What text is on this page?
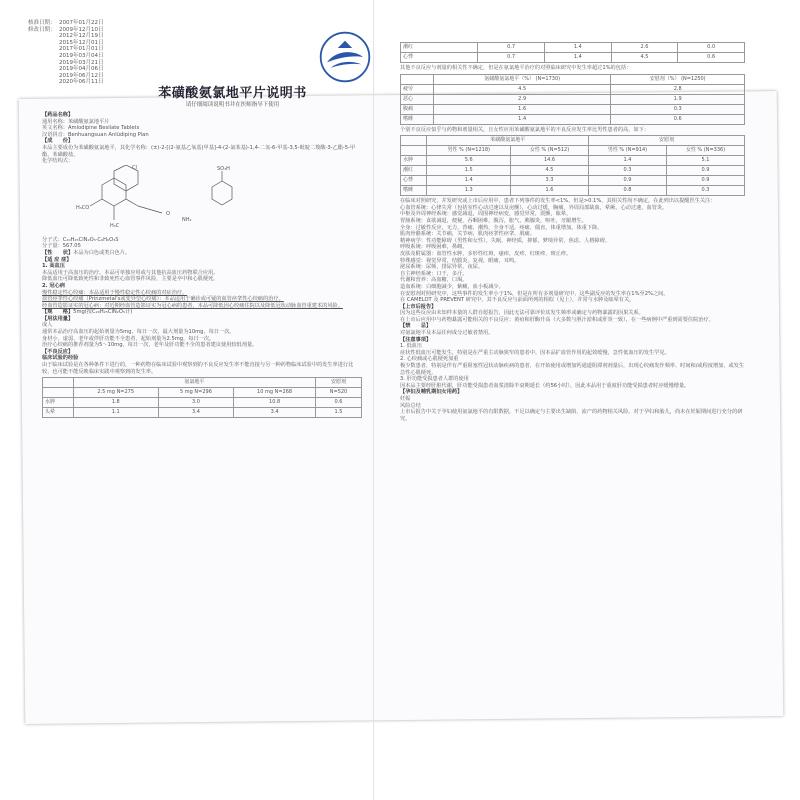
核准日期： 2007年01月22日
修改日期： 2009年12月10日
2012年12月19日
2015年12月01日
2017年01月01日
2019年03月04日
2019年03月21日
2019年04月06日
2019年06月12日
2020年06月11日
苯磺酸氨氯地平片说明书
请仔细阅读说明书并在医师指导下使用

【药品名称】

通用名称：苯磺酸氨氯地平片

英文名称：Amlodipine Besilate Tablets

汉语拼音：Benhuangsuan Anlüdiping Pian

【成　　份】

本品主要成份为苯磺酸氨氯地平，其化学名称：(±)-2-[(2-氨基乙氧基)甲基]-4-(2-氯苯基)-1,4-二氢-6-甲基-3,5-吡啶二羧酸-3-乙酯-5-甲酯，苯磺酸盐。

化学结构式：

H₃CO
H₃C
O
Cl	SO₃H
NH₂

分子式：C₂₀H₂₅ClN₂O₅·C₆H₆O₃S

分子量：567.05

【性　　状】本品为白色或类白色片。

【适 应 症】

1. 高血压

本品适用于高血压的治疗。本品可单独应用或与其他抗高血压药物联合应用。

降低血压可降低致死性和非致死性心血管事件风险，主要是卒中和心肌梗死。

2. 冠心病

慢性稳定性心绞痛：本品适用于慢性稳定性心绞痛的对症治疗。

血管痉挛性心绞痛（Prinzmetal's或变异型心绞痛）：本品适用于确诊或可疑的血管痉挛性心绞痛的治疗。

经血管造影证实的冠心病：对近期经血管造影证实为冠心病的患者，本品可降低因心绞痛住院以及降低冠状动脉血管重建术的风险。

【规　　格】5mg(按C₂₀H₂₅ClN₂O₅计)

【用法用量】

成人

通常本品治疗高血压的起始剂量为5mg，每日一次，最大剂量为10mg，每日一次。

身材小、虚弱、老年或伴肝功能不全患者，起始剂量为2.5mg，每日一次。

治疗心绞痛的推荐剂量为5～10mg，每日一次，老年及肝功能不全的患者建议使用较低剂量。

【不良反应】

临床试验的经验

由于临床试验是在各种条件下进行的，一种药物在临床试验中观察到的不良反应发生率不能直接与另一种药物临床试验中的发生率进行比较，也可能不能反映临床实践中观察到的发生率。

	氨氯地平			安慰剂
	2.5 mg N=275	5 mg N=296	10 mg N=268	N=520
水肿	1.8	3.0	10.8	0.6
头晕	1.1	3.4	3.4	1.5
潮红	0.7	1.4	2.6	0.0
心悸	0.7	1.4	4.5	0.6

其他不良反应与剂量的相关性不确定，但是在氨氯地平治疗的对照临床研究中发生率超过1%的包括：

	氨磺酸氨氯地平（%） (N=1730)	安慰剂（%） (N=1250)
疲劳	4.5	2.8
恶心	2.9	1.9
腹痛	1.6	0.3
嗜睡	1.4	0.6

个别不良反应似乎与药物和剂量相关，且女性应用苯磺酸氨氯地平的不良反应发生率比男性患者的高，如下：

	苯磺酸氨氯地平		安慰剂	
	男性 % (N=1218)	女性 % (N=512)	男性 % (N=914)	女性 % (N=336)
水肿	5.6	14.6	1.4	5.1
潮红	1.5	4.5	0.3	0.9
心悸	1.4	3.3	0.9	0.9
嗜睡	1.3	1.6	0.8	0.3

在临床对照研究，并发研究或上市后应用中，患者下列事件的发生率<1%，但是>0.1%，其相关性尚不确定，在此列出以提醒医生关注：

心血管系统：心律失常（包括室性心动过速以及房颤），心动过缓，胸痛，外周局部缺血，晕厥，心动过速，血管炎。

中枢及外周神经系统：感觉减退，周围神经病变，感觉异常，震颤，眩晕。

胃肠系统：食欲减退，便秘，吞咽困难，腹泻，胀气，胰腺炎，呕吐，牙龈增生。

全身：过敏性反应，无力，背痛，潮热，全身不适，疼痛，僵直，体重增加，体重下降。

肌肉骨骼系统：关节痛，关节病，肌肉痉挛性痉挛，肌痛。

精神病学：性功能障碍（男性和女性），失眠，神经质，抑郁，梦境异常，焦虑，人格障碍。

呼吸系统：呼吸困难，鼻衄。

皮肤及附属器：血管性水肿，多形性红斑，瘙痒，皮疹，红斑疹，斑丘疹。

特殊感觉：视觉异常，结膜炎，复视，眼痛，耳鸣。

泌尿系统：尿频，排尿异常，夜尿。

自主神经系统：口干，多汗。

代谢和营养：高血糖，口渴。

造血系统：白细胞减少，紫癜，血小板减少。

在安慰剂对照研究中，这些事件的发生率小于1%，但是在所有多剂量研究中，这些副反应的发生率在1%至2%之间。

在 CAMELOT 及 PREVENT 研究中，其不良反应与前面所列的相似（见上），并常与水肿及眩晕有关。

【上市后报告】

因为这些反应由未知样本量的人群自愿报告，因此无法可靠评价其发生频率或确定与药物暴露的因果关系。

在上市后应用中与药物暴露可能相关的不良反应：黄疸和肝酶升高（大多数与胆汁淤积或肝炎一致），在一些病例中严重到需要住院治疗。

【禁　　忌】

对氨氯地平及本品任何成分过敏者禁用。

【注意事项】

1. 低血压

症状性低血压可能发生，特别是在严重主动脉狭窄的患者中。因本品扩血管作用的起效缓慢，急性低血压的发生罕见。

2. 心绞痛或心肌梗死加重

极少数患者，特别是伴有严重阻塞性冠状动脉疾病的患者，在开始使用或增加钙通道阻滞剂剂量后，出现心绞痛发作频率、时间和/或程度增加，或发生急性心肌梗死。

3. 肝功能受损患者人群的使用

因本品主要经肝脏代谢，肝功能受损患者血浆清除半衰期延长（约56小时），因此本品用于重度肝功能受损患者时应缓慢增量。

【孕妇及哺乳期妇女用药】

妊娠

风险总结

上市后报告中关于孕妇使用氨氯地平的有限数据，不足以确定与主要出生缺陷、流产的药物相关风险。对于孕妇和胎儿，尚未在妊娠期间进行充分的研究。
